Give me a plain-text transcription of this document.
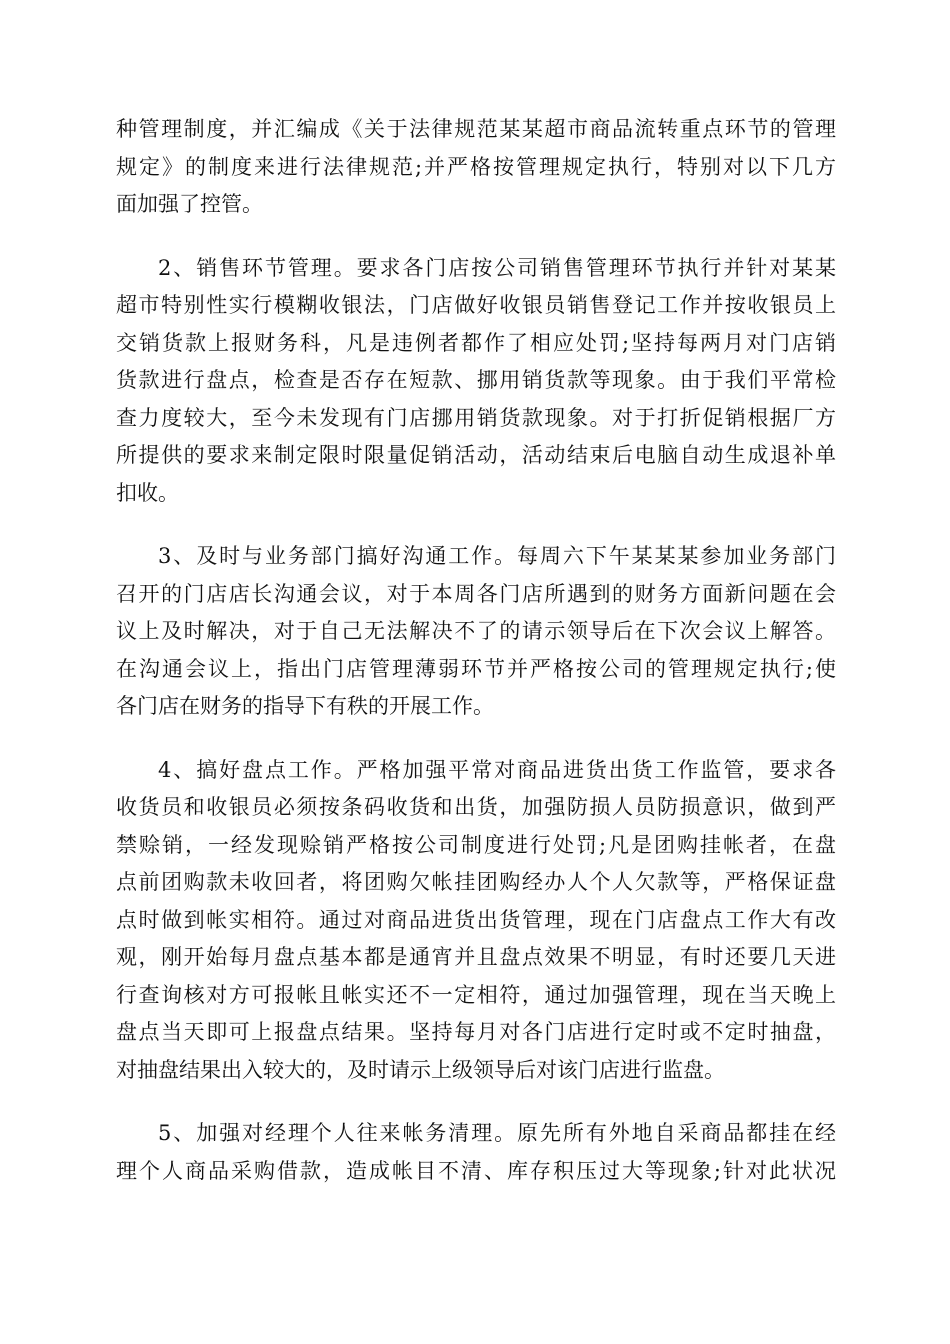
种管理制度，并汇编成《关于法律规范某某超市商品流转重点环节的管理
规定》的制度来进行法律规范;并严格按管理规定执行，特别对以下几方
面加强了控管。
2、销售环节管理。要求各门店按公司销售管理环节执行并针对某某
超市特别性实行模糊收银法，门店做好收银员销售登记工作并按收银员上
交销货款上报财务科，凡是违例者都作了相应处罚;坚持每两月对门店销
货款进行盘点，检查是否存在短款、挪用销货款等现象。由于我们平常检
查力度较大，至今未发现有门店挪用销货款现象。对于打折促销根据厂方
所提供的要求来制定限时限量促销活动，活动结束后电脑自动生成退补单
扣收。
3、及时与业务部门搞好沟通工作。每周六下午某某某参加业务部门
召开的门店店长沟通会议，对于本周各门店所遇到的财务方面新问题在会
议上及时解决，对于自己无法解决不了的请示领导后在下次会议上解答。
在沟通会议上，指出门店管理薄弱环节并严格按公司的管理规定执行;使
各门店在财务的指导下有秩的开展工作。
4、搞好盘点工作。严格加强平常对商品进货出货工作监管，要求各
收货员和收银员必须按条码收货和出货，加强防损人员防损意识，做到严
禁赊销，一经发现赊销严格按公司制度进行处罚;凡是团购挂帐者，在盘
点前团购款未收回者，将团购欠帐挂团购经办人个人欠款等，严格保证盘
点时做到帐实相符。通过对商品进货出货管理，现在门店盘点工作大有改
观，刚开始每月盘点基本都是通宵并且盘点效果不明显，有时还要几天进
行查询核对方可报帐且帐实还不一定相符，通过加强管理，现在当天晚上
盘点当天即可上报盘点结果。坚持每月对各门店进行定时或不定时抽盘，
对抽盘结果出入较大的，及时请示上级领导后对该门店进行监盘。
5、加强对经理个人往来帐务清理。原先所有外地自采商品都挂在经
理个人商品采购借款，造成帐目不清、库存积压过大等现象;针对此状况
